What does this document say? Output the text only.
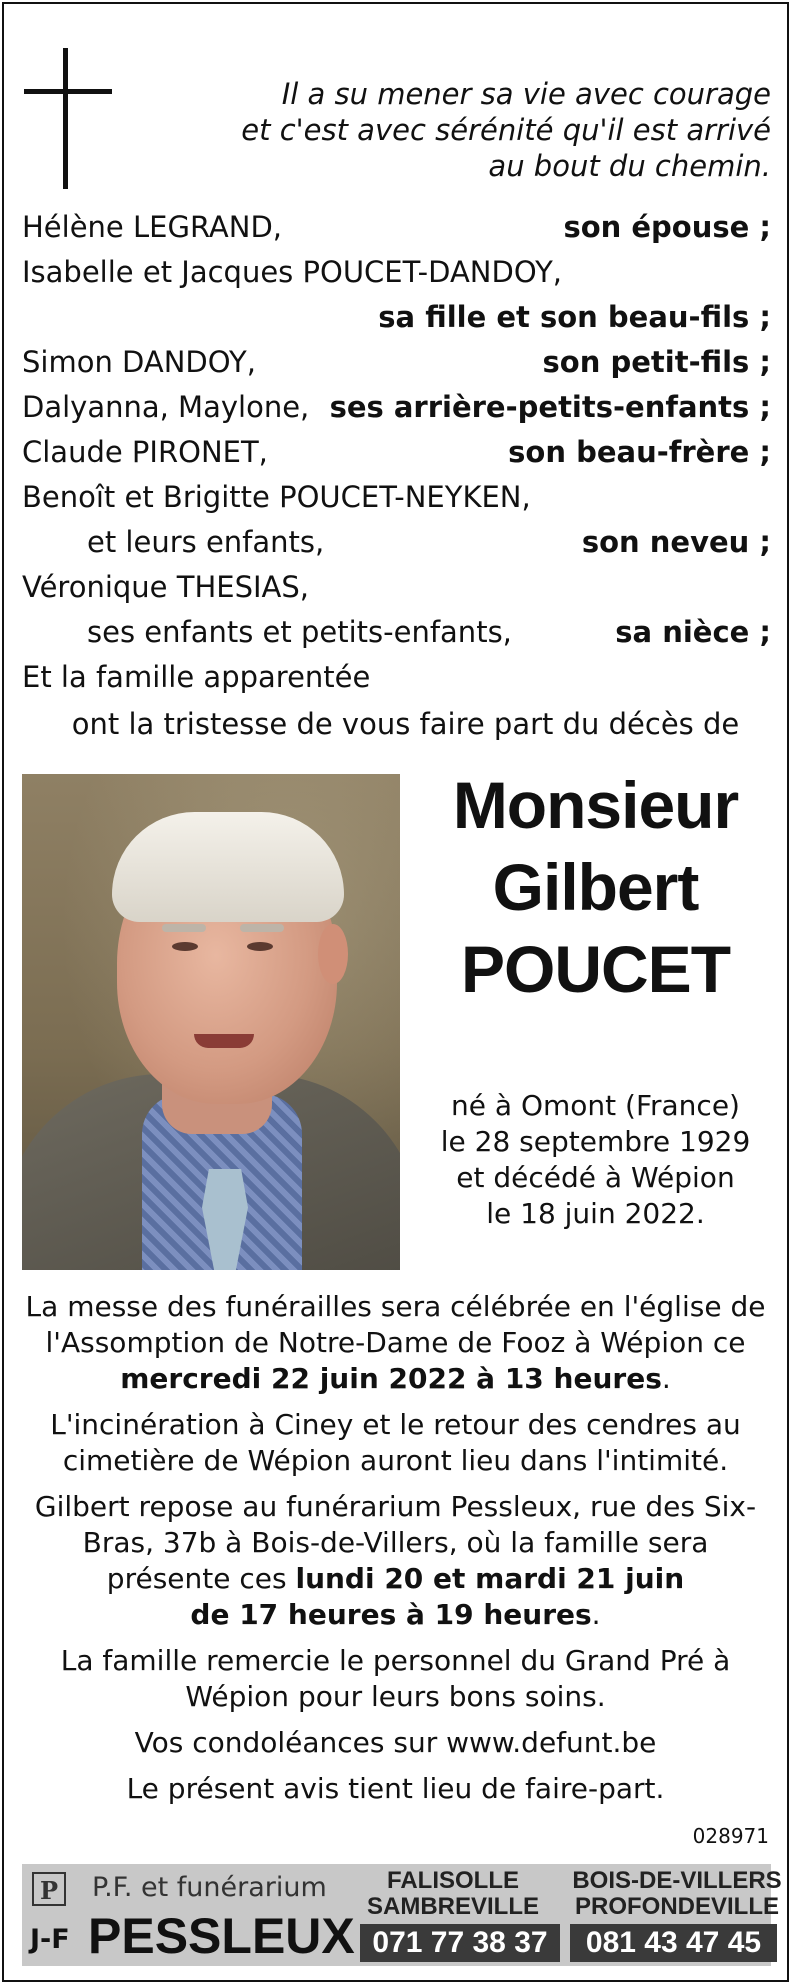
Il a su mener sa vie avec courage
et c'est avec sérénité qu'il est arrivé
au bout du chemin.
Hélène LEGRAND,	son épouse ;
Isabelle et Jacques POUCET-DANDOY,
sa fille et son beau-fils ;
Simon DANDOY,	son petit-fils ;
Dalyanna, Maylone, ses arrière-petits-enfants ;
Claude PIRONET,	son beau-frère ;
Benoît et Brigitte POUCET-NEYKEN,
et leurs enfants,	son neveu ;
Véronique THESIAS,
ses enfants et petits-enfants,	sa nièce ;
Et la famille apparentée
ont la tristesse de vous faire part du décès de
Monsieur
Gilbert
POUCET
né à Omont (France)
le 28 septembre 1929
et décédé à Wépion
le 18 juin 2022.

La messe des funérailles sera célébrée en l'église de l'Assomption de Notre-Dame de Fooz à Wépion ce mercredi 22 juin 2022 à 13 heures.

L'incinération à Ciney et le retour des cendres au cimetière de Wépion auront lieu dans l'intimité.

Gilbert repose au funérarium Pessleux, rue des Six-Bras, 37b à Bois-de-Villers, où la famille sera présente ces lundi 20 et mardi 21 juin
de 17 heures à 19 heures.

La famille remercie le personnel du Grand Pré à Wépion pour leurs bons soins.

Vos condoléances sur www.defunt.be

Le présent avis tient lieu de faire-part.

028971
P P.F. et funérarium
J-F PESSLEUX
FALISOLLE
SAMBREVILLE
BOIS-DE-VILLERS
PROFONDEVILLE
071 77 38 37	081 43 47 45
